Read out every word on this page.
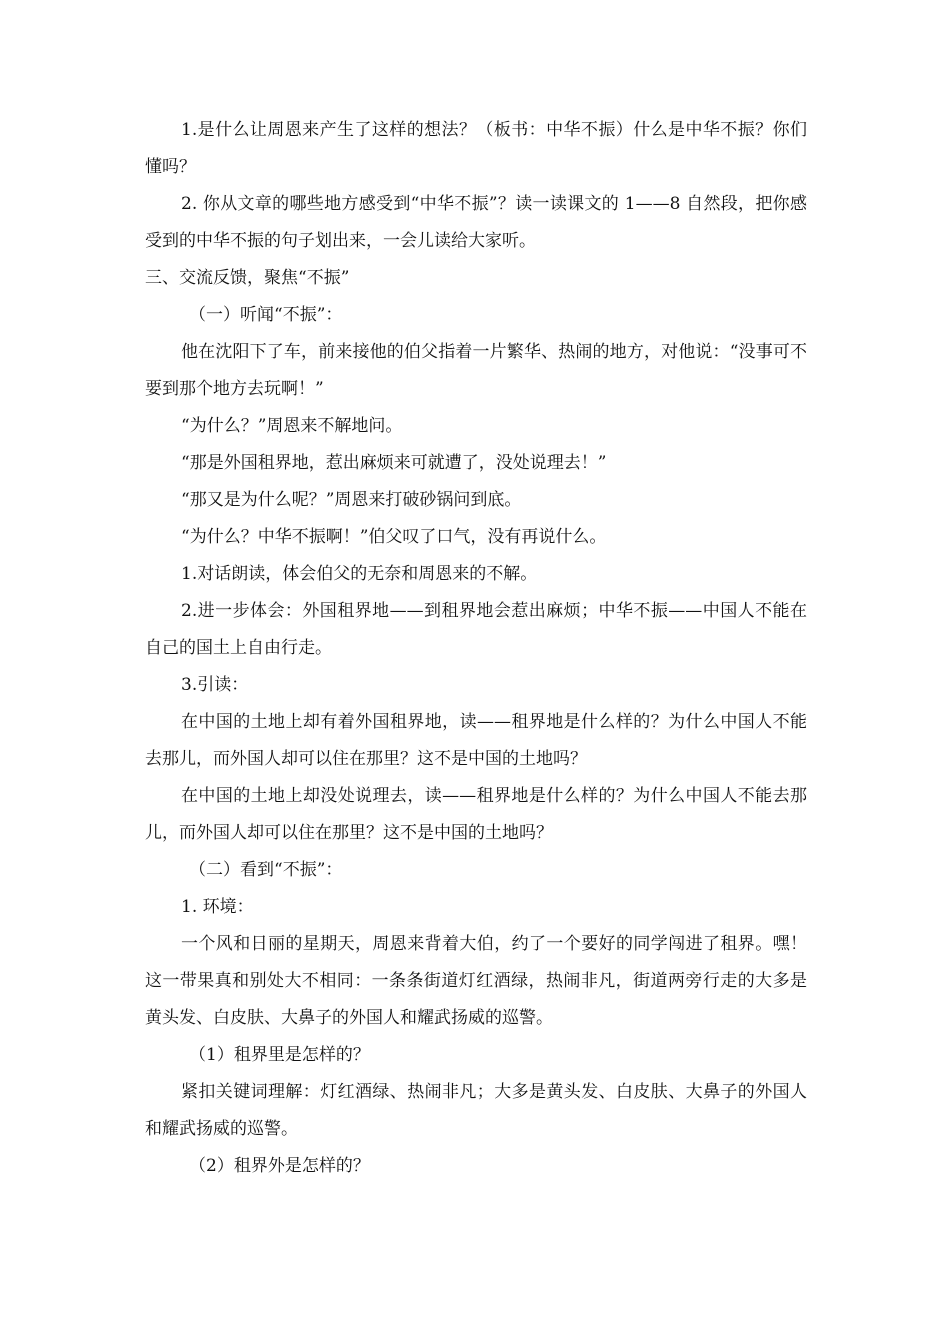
1.是什么让周恩来产生了这样的想法？（板书：中华不振）什么是中华不振？你们懂吗？

2. 你从文章的哪些地方感受到“中华不振”？读一读课文的 1——8 自然段，把你感受到的中华不振的句子划出来，一会儿读给大家听。

三、交流反馈，聚焦“不振”

（一）听闻“不振”：

他在沈阳下了车，前来接他的伯父指着一片繁华、热闹的地方，对他说：“没事可不要到那个地方去玩啊！”

“为什么？”周恩来不解地问。

“那是外国租界地，惹出麻烦来可就遭了，没处说理去！”

“那又是为什么呢？”周恩来打破砂锅问到底。

“为什么？中华不振啊！”伯父叹了口气，没有再说什么。

1.对话朗读，体会伯父的无奈和周恩来的不解。

2.进一步体会：外国租界地——到租界地会惹出麻烦；中华不振——中国人不能在自己的国土上自由行走。

3.引读：

在中国的土地上却有着外国租界地，读——租界地是什么样的？为什么中国人不能去那儿，而外国人却可以住在那里？这不是中国的土地吗？

在中国的土地上却没处说理去，读——租界地是什么样的？为什么中国人不能去那儿，而外国人却可以住在那里？这不是中国的土地吗？

（二）看到“不振”：

1. 环境：

一个风和日丽的星期天，周恩来背着大伯，约了一个要好的同学闯进了租界。嘿！这一带果真和别处大不相同：一条条街道灯红酒绿，热闹非凡，街道两旁行走的大多是黄头发、白皮肤、大鼻子的外国人和耀武扬威的巡警。

（1）租界里是怎样的？

紧扣关键词理解：灯红酒绿、热闹非凡；大多是黄头发、白皮肤、大鼻子的外国人和耀武扬威的巡警。

（2）租界外是怎样的？
